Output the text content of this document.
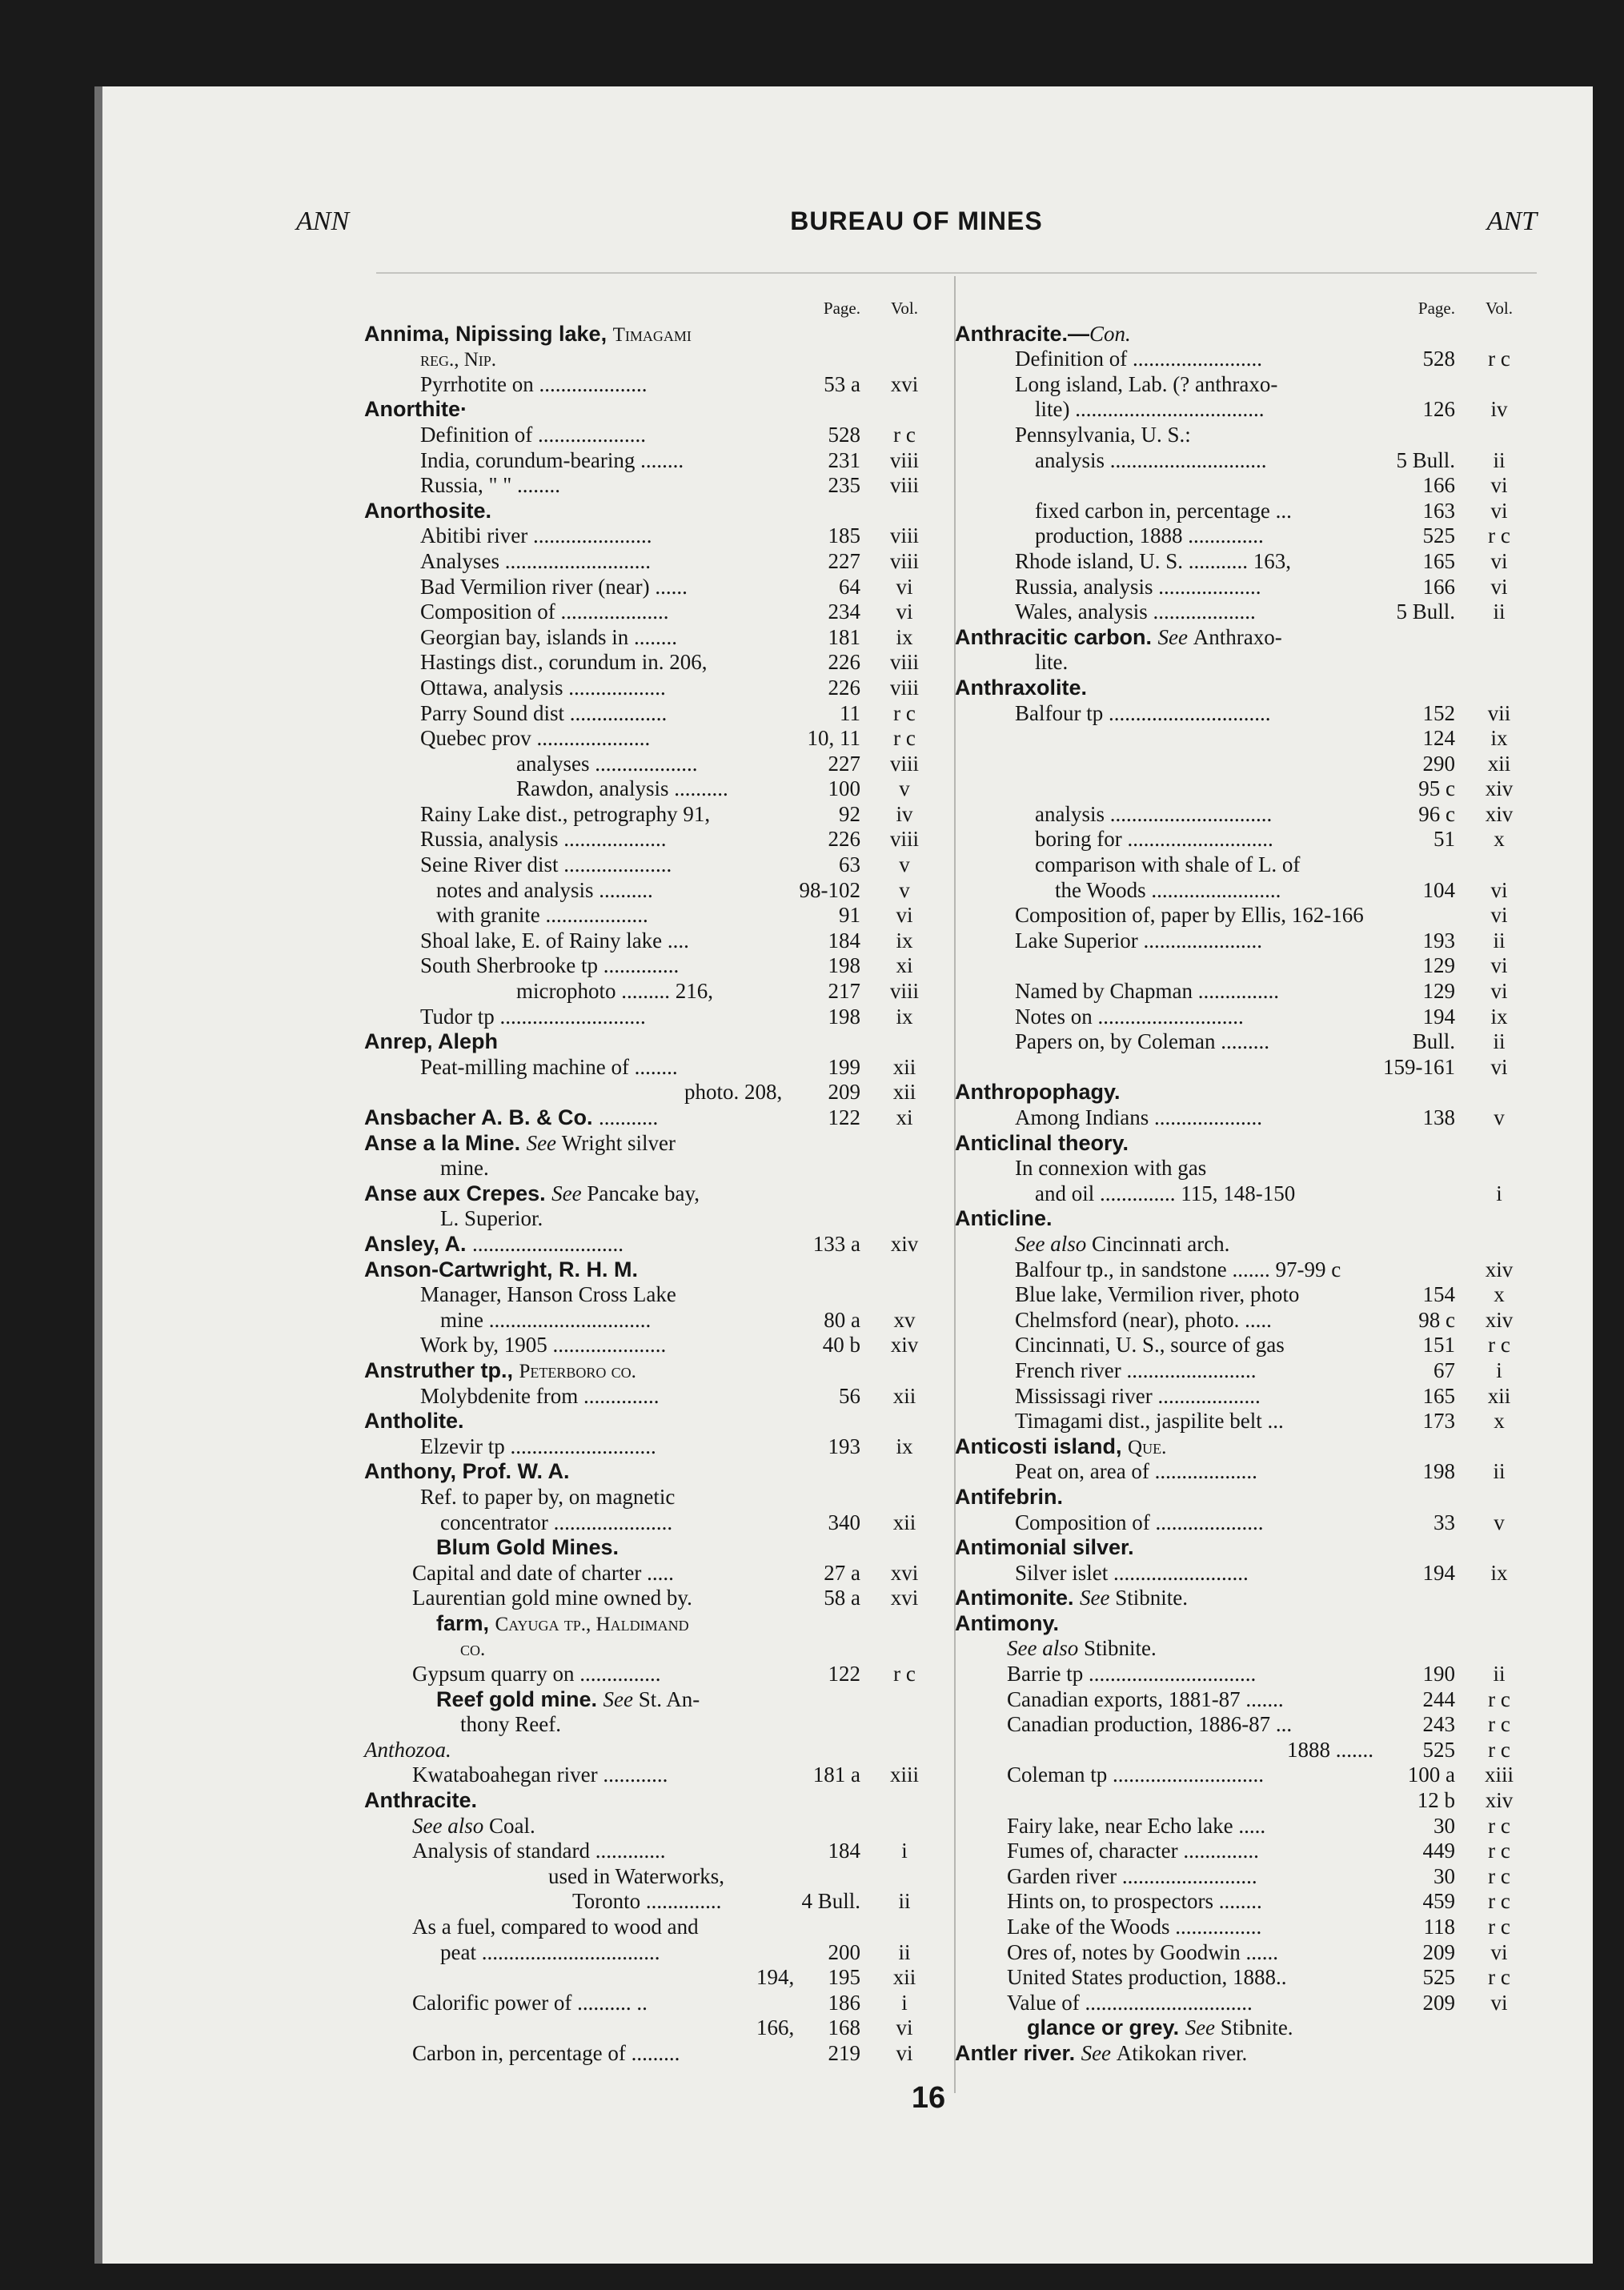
BUREAU OF MINES
ANN	ANT
Page.	Vol.
Annima, Nipissing lake, Timagami
reg., Nip.
Pyrrhotite on ....................	53 a	xvi
Anorthite·
Definition of ....................	528	r c
India, corundum-bearing ........	231	viii
Russia, " " ........	235	viii
Anorthosite.
Abitibi river ......................	185	viii
Analyses ...........................	227	viii
Bad Vermilion river (near) ......	64	vi
Composition of ....................	234	vi
Georgian bay, islands in ........	181	ix
Hastings dist., corundum in. 206,	226	viii
Ottawa, analysis ..................	226	viii
Parry Sound dist ..................	11	r c
Quebec prov .....................	10, 11	r c
analyses ...................	227	viii
Rawdon, analysis ..........	100	v
Rainy Lake dist., petrography 91,	92	iv
Russia, analysis ...................	226	viii
Seine River dist ....................	63	v
notes and analysis ..........	98-102	v
with granite ...................	91	vi
Shoal lake, E. of Rainy lake ....	184	ix
South Sherbrooke tp ..............	198	xi
microphoto ......... 216,	217	viii
Tudor tp ...........................	198	ix
Anrep, Aleph
Peat-milling machine of ........	199	xii
photo. 208,	209	xii
Ansbacher A. B. & Co. ...........	122	xi
Anse a la Mine. See Wright silver
mine.
Anse aux Crepes. See Pancake bay,
L. Superior.
Ansley, A. ............................	133 a	xiv
Anson-Cartwright, R. H. M.
Manager, Hanson Cross Lake
mine ..............................	80 a	xv
Work by, 1905 .....................	40 b	xiv
Anstruther tp., Peterboro co.
Molybdenite from ..............	56	xii
Antholite.
Elzevir tp ...........................	193	ix
Anthony, Prof. W. A.
Ref. to paper by, on magnetic
concentrator ......................	340	xii
Blum Gold Mines.
Capital and date of charter .....	27 a	xvi
Laurentian gold mine owned by.	58 a	xvi
farm, Cayuga tp., Haldimand
co.
Gypsum quarry on ...............	122	r c
Reef gold mine. See St. An-
thony Reef.
Anthozoa.
Kwataboahegan river ............	181 a	xiii
Anthracite.
See also Coal.
Analysis of standard .............	184	i
used in Waterworks,
Toronto ..............	4 Bull.	ii
As a fuel, compared to wood and
peat .................................	200	ii
194,	195	xii
Calorific power of .......... ..	186	i
166,	168	vi
Carbon in, percentage of .........	219	vi
Page.	Vol.
Anthracite.—Con.
Definition of ........................	528	r c
Long island, Lab. (? anthraxo-
lite) ...................................	126	iv
Pennsylvania, U. S.:
analysis .............................	5 Bull.	ii
166	vi
fixed carbon in, percentage ...	163	vi
production, 1888 ..............	525	r c
Rhode island, U. S. ........... 163,	165	vi
Russia, analysis ...................	166	vi
Wales, analysis ...................	5 Bull.	ii
Anthracitic carbon. See Anthraxo-
lite.
Anthraxolite.
Balfour tp ..............................	152	vii
124	ix
290	xii
95 c	xiv
analysis ..............................	96 c	xiv
boring for ...........................	51	x
comparison with shale of L. of
the Woods ........................	104	vi
Composition of, paper by Ellis, 162-166	vi
Lake Superior ......................	193	ii
129	vi
Named by Chapman ...............	129	vi
Notes on ...........................	194	ix
Papers on, by Coleman .........	Bull.	ii
159-161	vi
Anthropophagy.
Among Indians ....................	138	v
Anticlinal theory.
In connexion with gas
and oil .............. 115, 148-150	i
Anticline.
See also Cincinnati arch.
Balfour tp., in sandstone ....... 97-99 c	xiv
Blue lake, Vermilion river, photo	154	x
Chelmsford (near), photo. .....	98 c	xiv
Cincinnati, U. S., source of gas	151	r c
French river ........................	67	i
Mississagi river ...................	165	xii
Timagami dist., jaspilite belt ...	173	x
Anticosti island, Que.
Peat on, area of ...................	198	ii
Antifebrin.
Composition of ....................	33	v
Antimonial silver.
Silver islet .........................	194	ix
Antimonite. See Stibnite.
Antimony.
See also Stibnite.
Barrie tp ...............................	190	ii
Canadian exports, 1881-87 .......	244	r c
Canadian production, 1886-87 ...	243	r c
1888 .......	525	r c
Coleman tp ............................	100 a	xiii
12 b	xiv
Fairy lake, near Echo lake .....	30	r c
Fumes of, character ..............	449	r c
Garden river .........................	30	r c
Hints on, to prospectors ........	459	r c
Lake of the Woods ................	118	r c
Ores of, notes by Goodwin ......	209	vi
United States production, 1888..	525	r c
Value of ...............................	209	vi
glance or grey. See Stibnite.
Antler river. See Atikokan river.
16
